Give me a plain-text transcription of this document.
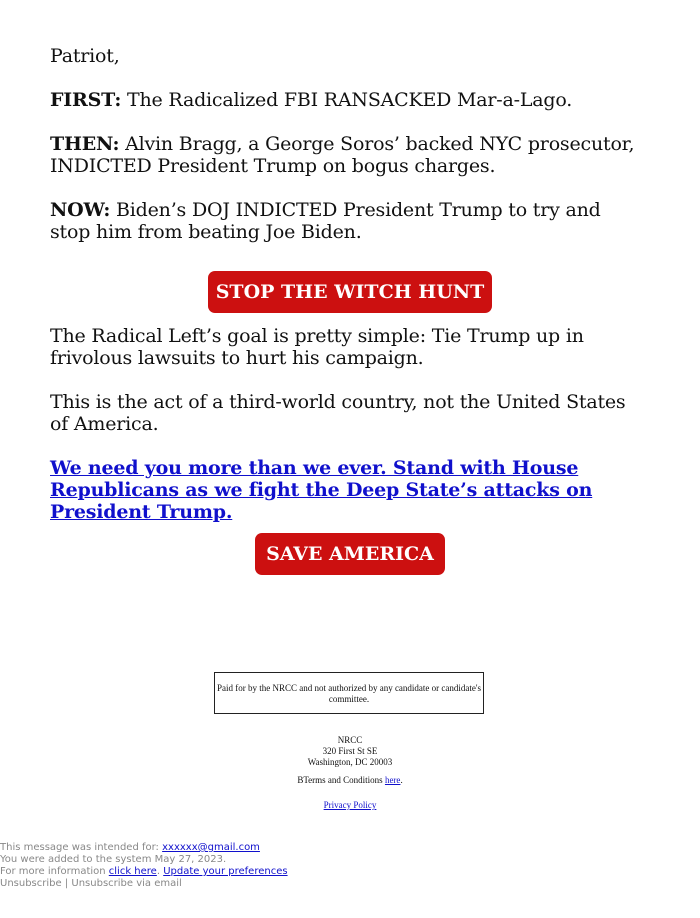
Patriot,

FIRST: The Radicalized FBI RANSACKED Mar-a-Lago.

THEN: Alvin Bragg, a George Soros’ backed NYC prosecutor, INDICTED President Trump on bogus charges.

NOW: Biden’s DOJ INDICTED President Trump to try and stop him from beating Joe Biden.

STOP THE WITCH HUNT

The Radical Left’s goal is pretty simple: Tie Trump up in frivolous lawsuits to hurt his campaign.

This is the act of a third-world country, not the United States of America.

We need you more than we ever. Stand with House Republicans as we fight the Deep State’s attacks on President Trump.

SAVE AMERICA
Paid for by the NRCC and not authorized by any candidate or candidate's committee.
NRCC
320 First St SE
Washington, DC 20003
BTerms and Conditions here.
Privacy Policy
This message was intended for: xxxxxx@gmail.com
You were added to the system May 27, 2023.
For more information click here. Update your preferences
Unsubscribe | Unsubscribe via email
